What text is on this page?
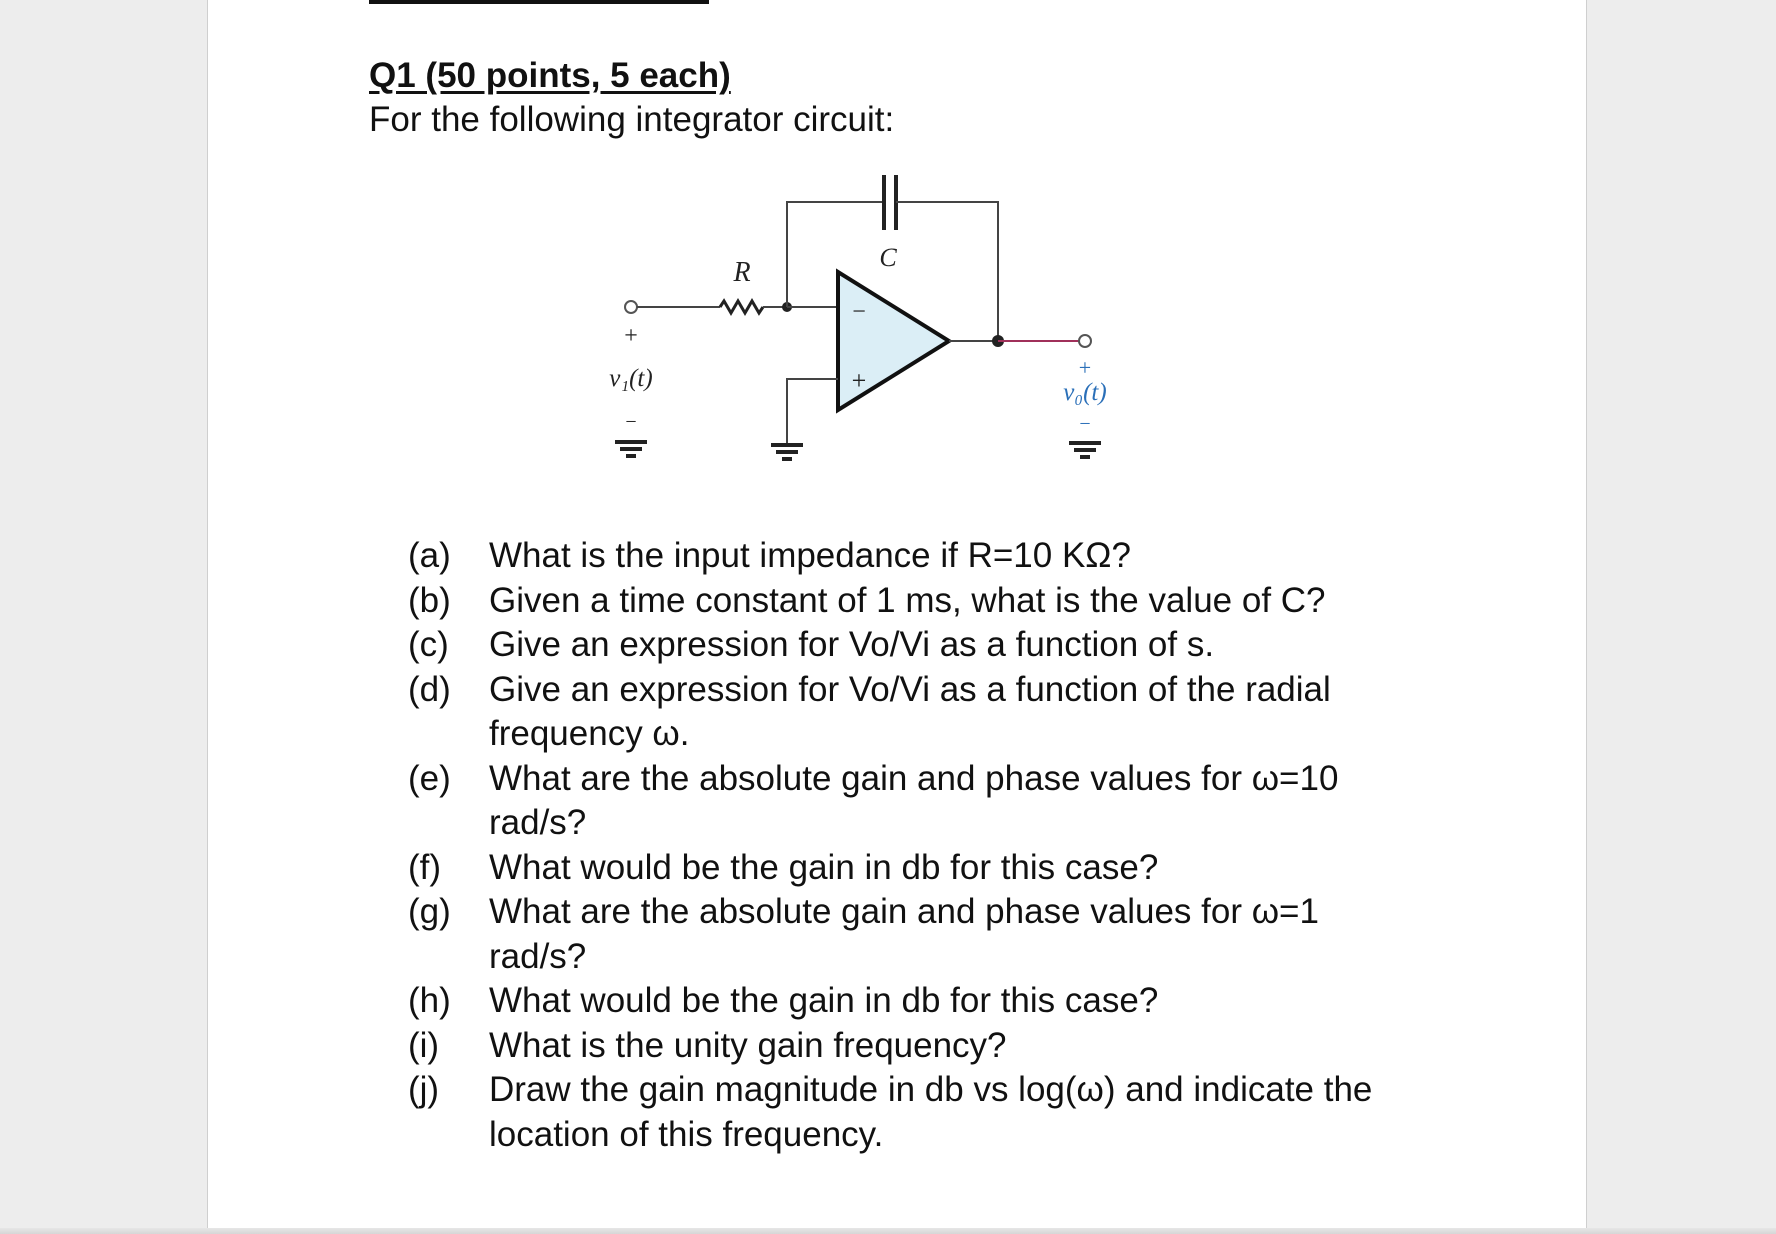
Q1 (50 points, 5 each)
For the following integrator circuit:
R	C
−
+	+
v₀(t)
−
+
v₁(t)
−
(a)	What is the input impedance if R=10 KΩ?
(b)	Given a time constant of 1 ms, what is the value of C?
(c)	Give an expression for Vo/Vi as a function of s.
(d)	Give an expression for Vo/Vi as a function of the radial frequency ω.
(e)	What are the absolute gain and phase values for ω=10 rad/s?
(f)	What would be the gain in db for this case?
(g)	What are the absolute gain and phase values for ω=1 rad/s?
(h)	What would be the gain in db for this case?
(i)	What is the unity gain frequency?
(j)	Draw the gain magnitude in db vs log(ω) and indicate the location of this frequency.
